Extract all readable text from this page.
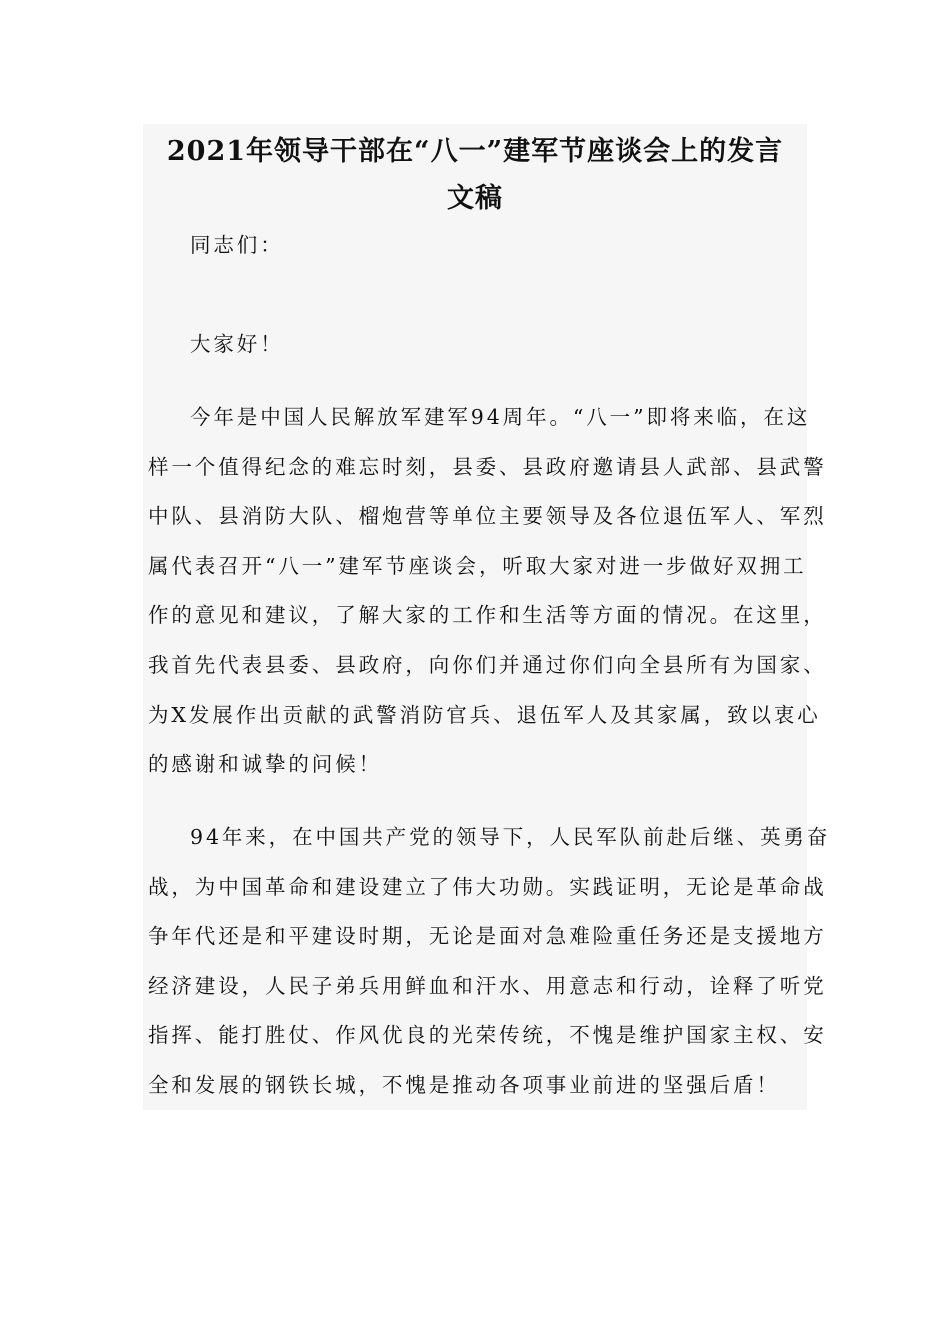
2021年领导干部在“八一”建军节座谈会上的发言
文稿

同志们：

大家好！

今年是中国人民解放军建军94周年。“八一”即将来临，在这
样一个值得纪念的难忘时刻，县委、县政府邀请县人武部、县武警
中队、县消防大队、榴炮营等单位主要领导及各位退伍军人、军烈
属代表召开“八一”建军节座谈会，听取大家对进一步做好双拥工
作的意见和建议，了解大家的工作和生活等方面的情况。在这里，
我首先代表县委、县政府，向你们并通过你们向全县所有为国家、
为X发展作出贡献的武警消防官兵、退伍军人及其家属，致以衷心
的感谢和诚挚的问候！

94年来，在中国共产党的领导下，人民军队前赴后继、英勇奋
战，为中国革命和建设建立了伟大功勋。实践证明，无论是革命战
争年代还是和平建设时期，无论是面对急难险重任务还是支援地方
经济建设，人民子弟兵用鲜血和汗水、用意志和行动，诠释了听党
指挥、能打胜仗、作风优良的光荣传统，不愧是维护国家主权、安
全和发展的钢铁长城，不愧是推动各项事业前进的坚强后盾！
